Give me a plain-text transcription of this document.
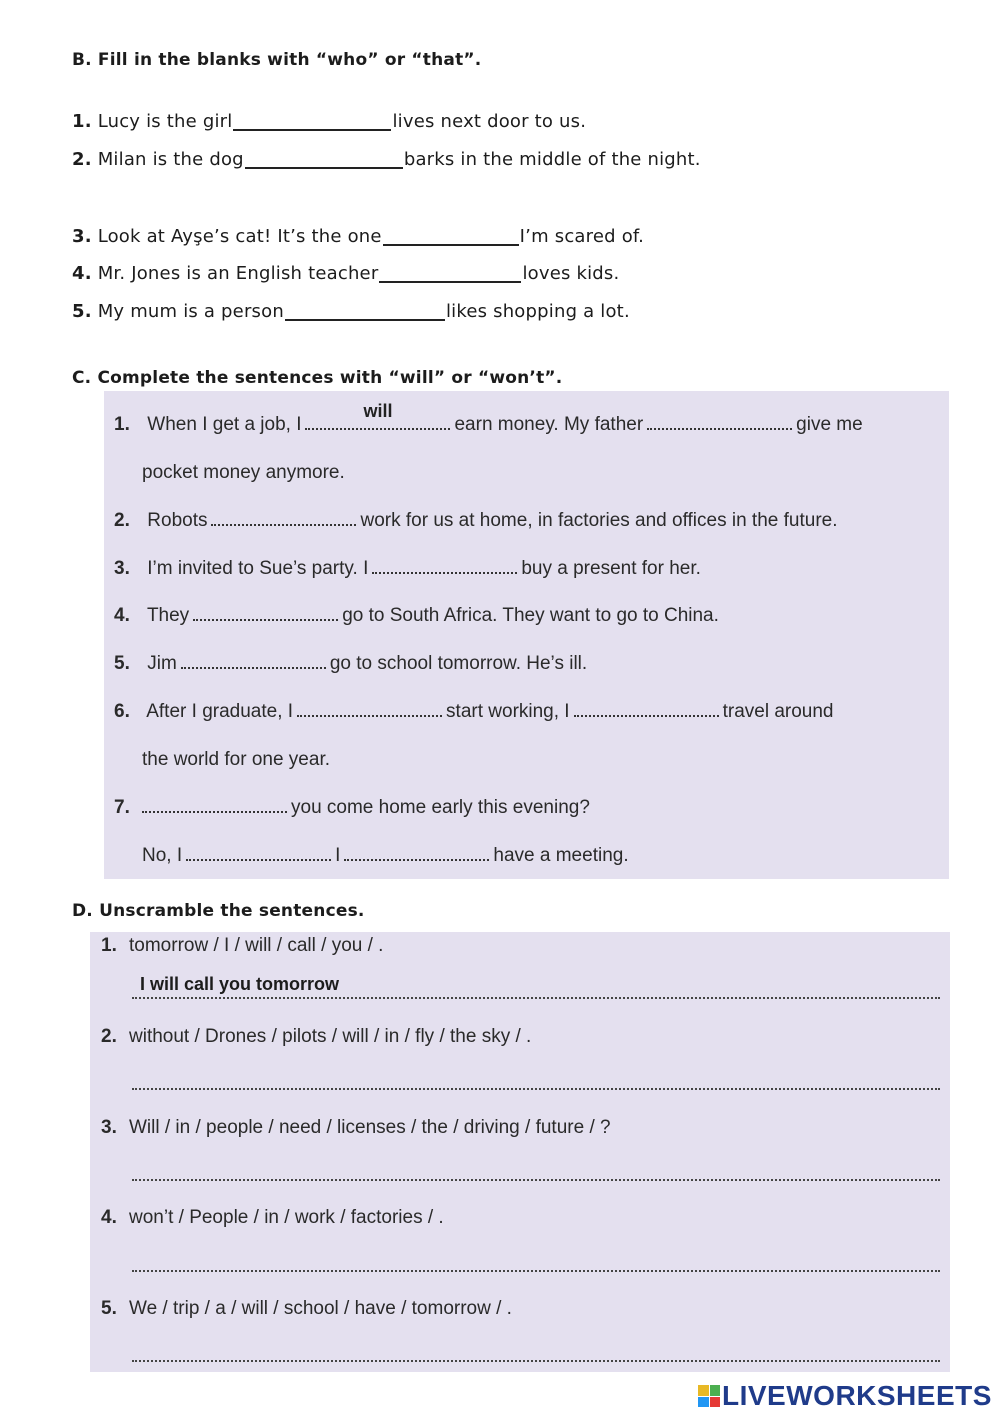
B. Fill in the blanks with “who” or “that”.
1.
Lucy is the girl	lives next door to us.
2.
Milan is the dog	barks in the middle of the night.
3.
Look at Ayşe’s cat! It’s the one	I’m scared of.
4.
Mr. Jones is an English teacher	loves kids.
5.
My mum is a person	likes shopping a lot.
C. Complete the sentences with “will” or “won’t”.
1. When I get a job, I
will
earn money. My father	give me
pocket money anymore.
2. Robots	work for us at home, in factories and offices in the future.
3. I’m invited to Sue’s party. I	buy a present for her.
4. They	go to South Africa. They want to go to China.
5. Jim	go to school tomorrow. He’s ill.
6. After I graduate, I	start working, I	travel around
the world for one year.
7.	you come home early this evening?
No, I	I	have a meeting.
D. Unscramble the sentences.
1. tomorrow / I / will / call / you / .
I will call you tomorrow
2. without / Drones / pilots / will / in / fly / the sky / .
3. Will / in / people / need / licenses / the / driving / future / ?
4. won’t / People / in / work / factories / .
5. We / trip / a / will / school / have / tomorrow / .
LIVEWORKSHEETS
